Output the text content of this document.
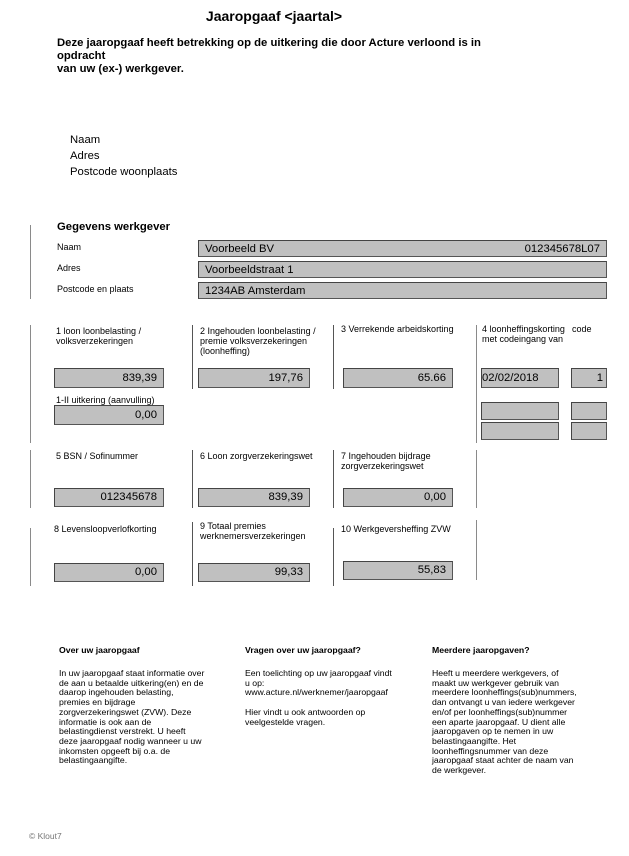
Jaaropgaaf <jaartal>
Deze jaaropgaaf heeft betrekking op de uitkering die door Acture verloond is in opdracht
van uw (ex-) werkgever.
Naam
Adres
Postcode woonplaats
Gegevens werkgever
Naam	Voorbeeld BV	012345678L07
Adres	Voorbeeldstraat 1
Postcode en plaats	1234AB Amsterdam
1 loon loonbelasting / volksverzekeringen
839,39
1-II uitkering (aanvulling)
0,00
2 Ingehouden loonbelasting / premie volksverzekeringen (loonheffing)
197,76
3 Verrekende arbeidskorting
65.66
4 loonheffingskorting met codeingang van
code
02/02/2018	1
5 BSN / Sofinummer
012345678
6 Loon zorgverzekeringswet
839,39
7 Ingehouden bijdrage zorgverzekeringswet
0,00
8 Levensloopverlofkorting
0,00
9 Totaal premies werknemersverzekeringen
99,33
10 Werkgeversheffing ZVW
55,83
Over uw jaaropgaaf
In uw jaaropgaaf staat informatie over
de aan u betaalde uitkering(en) en de
daarop ingehouden belasting,
premies en bijdrage
zorgverzekeringswet (ZVW). Deze
informatie is ook aan de
belastingdienst verstrekt. U heeft
deze jaaropgaaf nodig wanneer u uw
inkomsten opgeeft bij o.a. de
belastingaangifte.
Vragen over uw jaaropgaaf?
Een toelichting op uw jaaropgaaf vindt
u op:
www.acture.nl/werknemer/jaaropgaaf
Hier vindt u ook antwoorden op
veelgestelde vragen.
Meerdere jaaropgaven?
Heeft u meerdere werkgevers, of
maakt uw werkgever gebruik van
meerdere loonheffings(sub)nummers,
dan ontvangt u van iedere werkgever
en/of per loonheffings(sub)nummer
een aparte jaaropgaaf. U dient alle
jaaropgaven op te nemen in uw
belastingaangifte. Het
loonheffingsnummer van deze
jaaropgaaf staat achter de naam van
de werkgever.
© Klout7
